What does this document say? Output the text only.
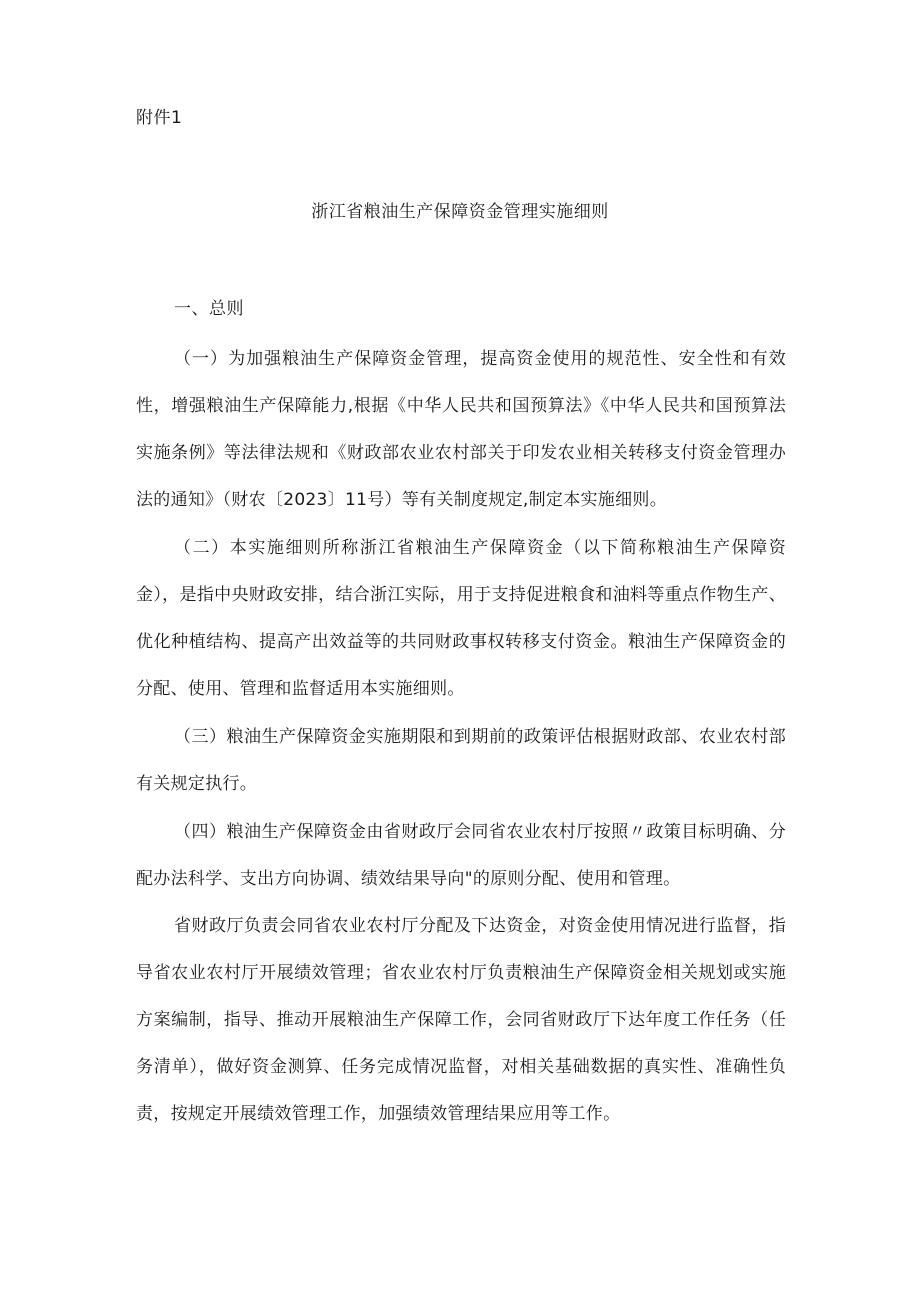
附件1
浙江省粮油生产保障资金管理实施细则
一、总则

（一）为加强粮油生产保障资金管理，提高资金使用的规范性、安全性和有效性，增强粮油生产保障能力,根据《中华人民共和国预算法》《中华人民共和国预算法实施条例》等法律法规和《财政部农业农村部关于印发农业相关转移支付资金管理办法的通知》（财农〔2023〕11号）等有关制度规定,制定本实施细则。

（二）本实施细则所称浙江省粮油生产保障资金（以下简称粮油生产保障资金），是指中央财政安排，结合浙江实际，用于支持促进粮食和油料等重点作物生产、优化种植结构、提高产出效益等的共同财政事权转移支付资金。粮油生产保障资金的分配、使用、管理和监督适用本实施细则。

（三）粮油生产保障资金实施期限和到期前的政策评估根据财政部、农业农村部有关规定执行。

（四）粮油生产保障资金由省财政厅会同省农业农村厅按照〃政策目标明确、分配办法科学、支出方向协调、绩效结果导向"的原则分配、使用和管理。

省财政厅负责会同省农业农村厅分配及下达资金，对资金使用情况进行监督，指导省农业农村厅开展绩效管理；省农业农村厅负责粮油生产保障资金相关规划或实施方案编制，指导、推动开展粮油生产保障工作，会同省财政厅下达年度工作任务（任务清单），做好资金测算、任务完成情况监督，对相关基础数据的真实性、准确性负责，按规定开展绩效管理工作，加强绩效管理结果应用等工作。
